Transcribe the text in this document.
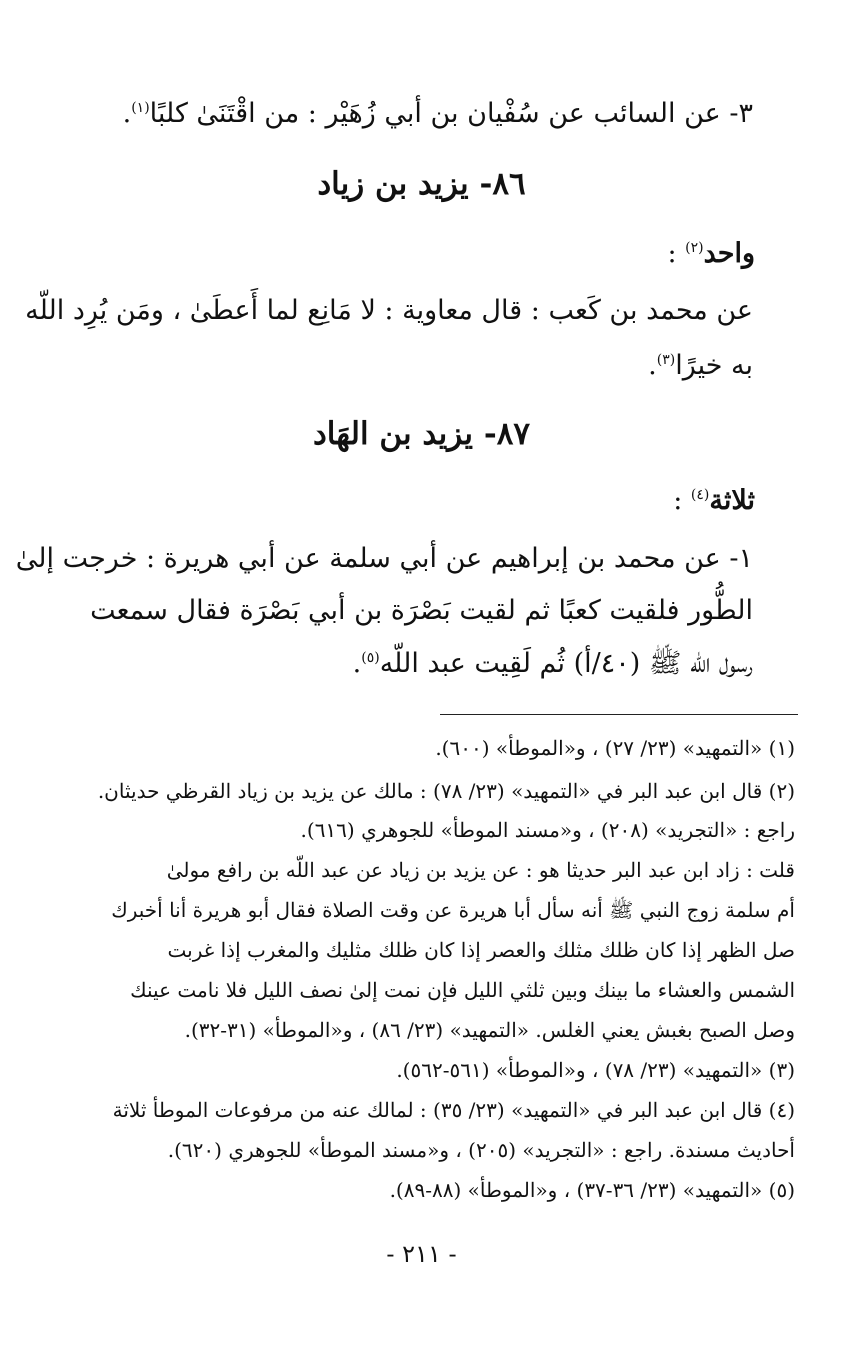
٣- عن السائب عن سُفْيان بن أبي زُهَيْر : من اقْتَنَىٰ كلبًا$^{(١)}$.
٨٦- يزيد بن زياد
واحد$^{(٢)}$ :
عن محمد بن كَعب : قال معاوية : لا مَانِع لما أَعطَىٰ ، ومَن يُرِد اللّه
به خيرًا$^{(٣)}$.
٨٧- يزيد بن الهَاد
ثلاثة$^{(٤)}$ :
١- عن محمد بن إبراهيم عن أبي سلمة عن أبي هريرة : خرجت إلىٰ
الطُّور فلقيت كعبًا ثم لقيت بَصْرَة بن أبي بَصْرَة فقال سمعت
رسول اللّه ﷺ (٤٠/أ) ثُم لَقِيت عبد اللّه$^{(٥)}$.
(١) «التمهيد» (٢٣/ ٢٧) ، و«الموطأ» (٦٠٠).
(٢) قال ابن عبد البر في «التمهيد» (٢٣/ ٧٨) : مالك عن يزيد بن زياد القرظي حديثان.
راجع : «التجريد» (٢٠٨) ، و«مسند الموطأ» للجوهري (٦١٦).
قلت : زاد ابن عبد البر حديثا هو : عن يزيد بن زياد عن عبد اللّه بن رافع مولىٰ
أم سلمة زوج النبي ﷺ أنه سأل أبا هريرة عن وقت الصلاة فقال أبو هريرة أنا أخبرك
صل الظهر إذا كان ظلك مثلك والعصر إذا كان ظلك مثليك والمغرب إذا غربت
الشمس والعشاء ما بينك وبين ثلثي الليل فإن نمت إلىٰ نصف الليل فلا نامت عينك
وصل الصبح بغبش يعني الغلس. «التمهيد» (٢٣/ ٨٦) ، و«الموطأ» (٣١-٣٢).
(٣) «التمهيد» (٢٣/ ٧٨) ، و«الموطأ» (٥٦١-٥٦٢).
(٤) قال ابن عبد البر في «التمهيد» (٢٣/ ٣٥) : لمالك عنه من مرفوعات الموطأ ثلاثة
أحاديث مسندة. راجع : «التجريد» (٢٠٥) ، و«مسند الموطأ» للجوهري (٦٢٠).
(٥) «التمهيد» (٢٣/ ٣٦-٣٧) ، و«الموطأ» (٨٨-٨٩).
- ٢١١ -
